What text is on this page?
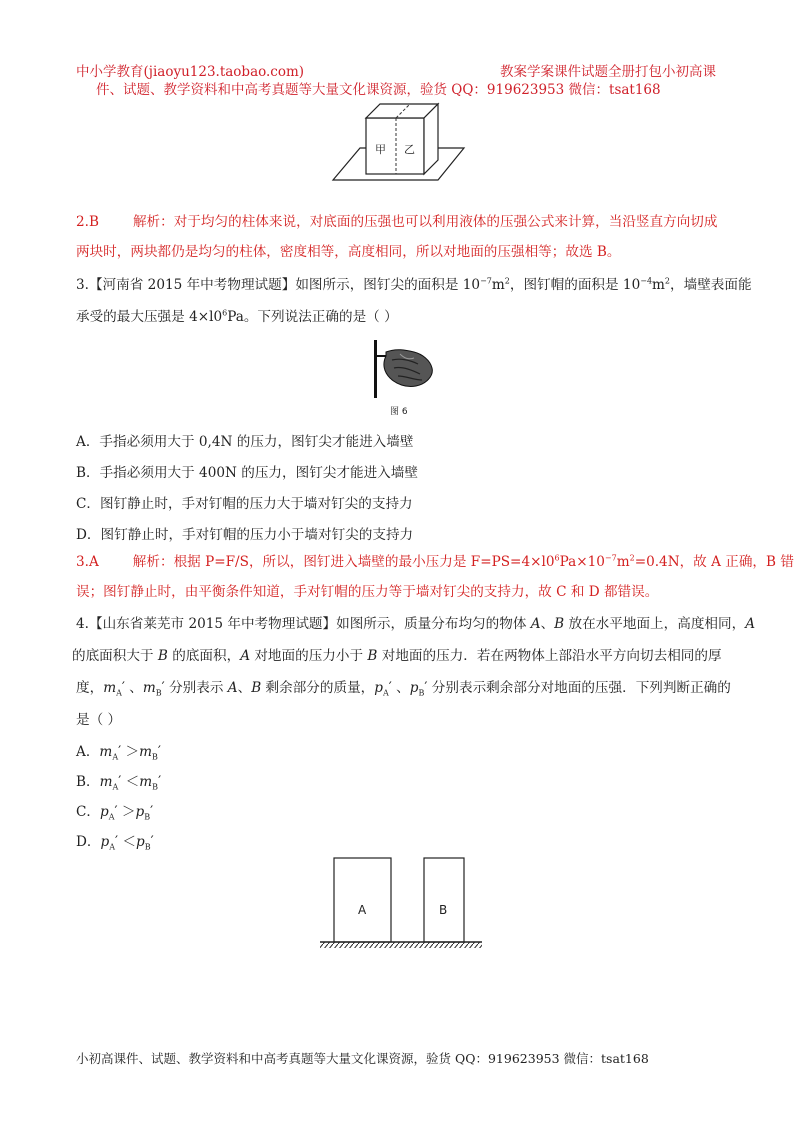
中小学教育(jiaoyu123.taobao.com)	教案学案课件试题全册打包小初高课
件、试题、教学资料和中高考真题等大量文化课资源，验货 QQ：919623953 微信：tsat168
甲 乙
2.B	解析：对于均匀的柱体来说，对底面的压强也可以利用液体的压强公式来计算，当沿竖直方向切成
两块时，两块都仍是均匀的柱体，密度相等，高度相同，所以对地面的压强相等；故选 B。
3.【河南省 2015 年中考物理试题】如图所示，图钉尖的面积是 $10^{-7}m^2$，图钉帽的面积是 $10^{-4}m^2$，墙壁表面能
承受的最大压强是 $4\times l0^6Pa$。下列说法正确的是（ ）
图 6
A．手指必须用大于 0,4N 的压力，图钉尖才能进入墙壁
B．手指必须用大于 400N 的压力，图钉尖才能进入墙壁
C．图钉静止时，手对钉帽的压力大于墙对钉尖的支持力
D．图钉静止时，手对钉帽的压力小于墙对钉尖的支持力
3.A	解析：根据 P=F/S，所以，图钉进入墙壁的最小压力是 $F=PS=4\times l0^6Pa\times 10^{-7}m^2=0.4N$，故 A 正确，B 错
误；图钉静止时，由平衡条件知道，手对钉帽的压力等于墙对钉尖的支持力，故 C 和 D 都错误。
4.【山东省莱芜市 2015 年中考物理试题】如图所示，质量分布均匀的物体 A、B 放在水平地面上，高度相同，A
的底面积大于 B 的底面积，A 对地面的压力小于 B 对地面的压力．若在两物体上部沿水平方向切去相同的厚
度，$m_A'$ 、$m_B'$ 分别表示 A、B 剩余部分的质量，$p_A'$ 、$p_B'$ 分别表示剩余部分对地面的压强．下列判断正确的
是（ ）
A．$m_A' >m_B'$
B．$m_A' <m_B'$
C．$p_A' >p_B'$
D．$p_A' <p_B'$
A	B
小初高课件、试题、教学资料和中高考真题等大量文化课资源，验货 QQ：919623953 微信：tsat168
